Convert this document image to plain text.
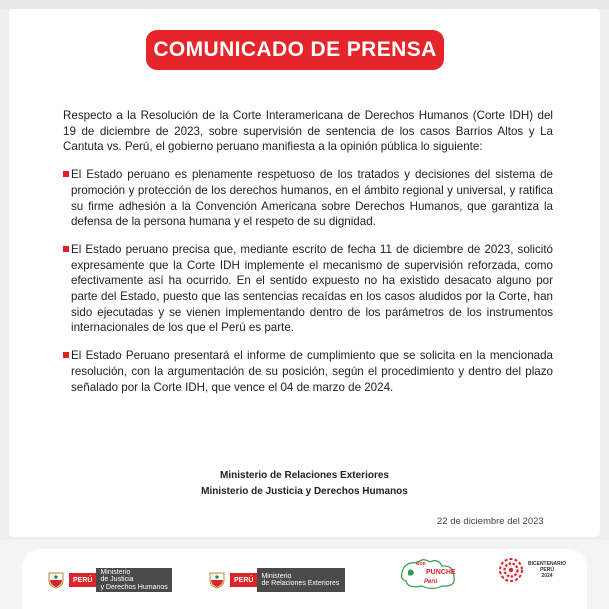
COMUNICADO DE PRENSA

Respecto a la Resolución de la Corte Interamericana de Derechos Humanos (Corte IDH) del 19 de diciembre de 2023, sobre supervisión de sentencia de los casos Barrios Altos y La Cantuta vs. Perú, el gobierno peruano manifiesta a la opinión pública lo siguiente:

El Estado peruano es plenamente respetuoso de los tratados y decisiones del sistema de promoción y protección de los derechos humanos, en el ámbito regional y universal, y ratifica su firme adhesión a la Convención Americana sobre Derechos Humanos, que garantiza la defensa de la persona humana y el respeto de su dignidad.
El Estado peruano precisa que, mediante escrito de fecha 11 de diciembre de 2023, solicitó expresamente que la Corte IDH implemente el mecanismo de supervisión reforzada, como efectivamente así ha ocurrido. En el sentido expuesto no ha existido desacato alguno por parte del Estado, puesto que las sentencias recaídas en los casos aludidos por la Corte, han sido ejecutadas y se vienen implementando dentro de los parámetros de los instrumentos internacionales de los que el Perú es parte.
El Estado Peruano presentará el informe de cumplimiento que se solicita en la mencionada resolución, con la argumentación de su posición, según el procedimiento y dentro del plazo señalado por la Corte IDH, que vence el 04 de marzo de 2024.
Ministerio de Relaciones Exteriores
Ministerio de Justicia y Derechos Humanos
22 de diciembre del 2023
PERÚ
Ministerio
de Justicia
y Derechos Humanos
PERÚ
Ministerio
de Relaciones Exteriores
Con
PUNCHE
Perú
BICENTENARIO
PERÚ
2024
